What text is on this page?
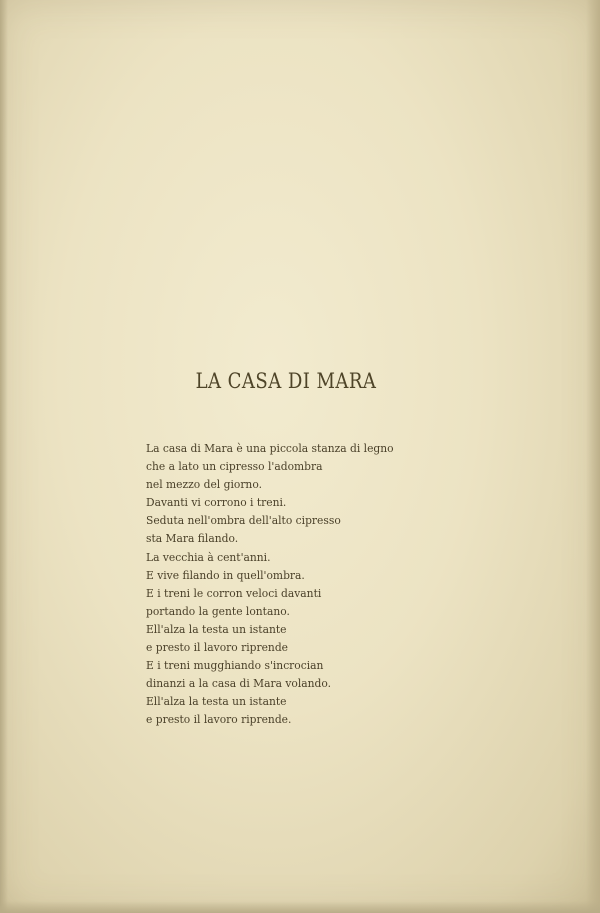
LA CASA DI MARA
La casa di Mara è una piccola stanza di legno
che a lato un cipresso l'adombra
nel mezzo del giorno.
Davanti vi corrono i treni.
Seduta nell'ombra dell'alto cipresso
sta Mara filando.
La vecchia à cent'anni.
E vive filando in quell'ombra.
E i treni le corron veloci davanti
portando la gente lontano.
Ell'alza la testa un istante
e presto il lavoro riprende
E i treni mugghiando s'incrocian
dinanzi a la casa di Mara volando.
Ell'alza la testa un istante
e presto il lavoro riprende.
